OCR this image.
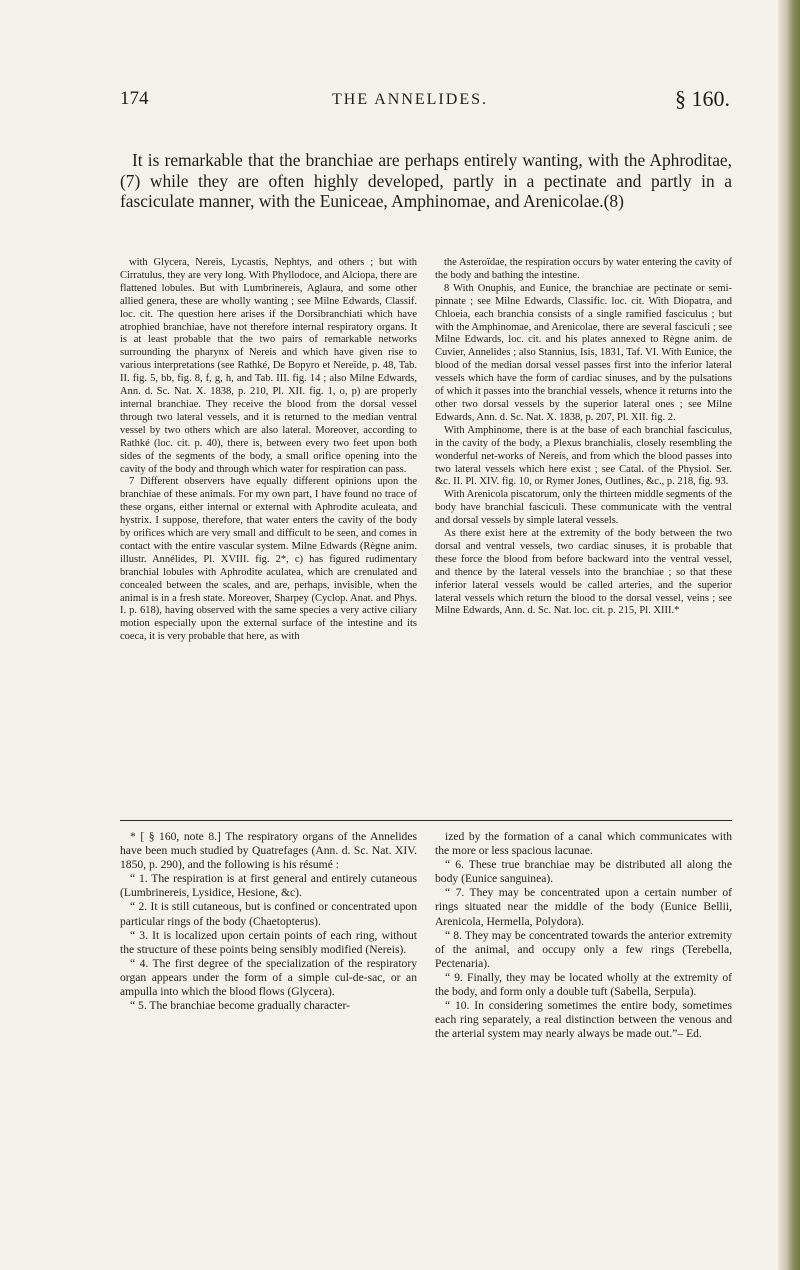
174	THE ANNELIDES.	§ 160.

It is remarkable that the branchiae are perhaps entirely wanting, with the Aphroditae,(7) while they are often highly developed, partly in a pectinate and partly in a fasciculate manner, with the Euniceae, Amphinomae, and Arenicolae.(8)

with Glycera, Nereis, Lycastis, Nephtys, and others ; but with Cirratulus, they are very long. With Phyllodoce, and Alciopa, there are flattened lobules. But with Lumbrinereis, Aglaura, and some other allied genera, these are wholly wanting ; see Milne Edwards, Classif. loc. cit. The question here arises if the Dorsibranchiati which have atrophied branchiae, have not therefore internal respiratory organs. It is at least probable that the two pairs of remarkable networks surrounding the pharynx of Nereis and which have given rise to various interpretations (see Rathké, De Bopyro et Nereïde, p. 48, Tab. II. fig. 5, bb, fig. 8, f, g, h, and Tab. III. fig. 14 ; also Milne Edwards, Ann. d. Sc. Nat. X. 1838, p. 210, Pl. XII. fig. 1, o, p) are properly internal branchiae. They receive the blood from the dorsal vessel through two lateral vessels, and it is returned to the median ventral vessel by two others which are also lateral. Moreover, according to Rathké (loc. cit. p. 40), there is, between every two feet upon both sides of the segments of the body, a small orifice opening into the cavity of the body and through which water for respiration can pass.

7 Different observers have equally different opinions upon the branchiae of these animals. For my own part, I have found no trace of these organs, either internal or external with Aphrodite aculeata, and hystrix. I suppose, therefore, that water enters the cavity of the body by orifices which are very small and difficult to be seen, and comes in contact with the entire vascular system. Milne Edwards (Règne anim. illustr. Annélides, Pl. XVIII. fig. 2*, c) has figured rudimentary branchial lobules with Aphrodite aculatea, which are crenulated and concealed between the scales, and are, perhaps, invisible, when the animal is in a fresh state. Moreover, Sharpey (Cyclop. Anat. and Phys. I. p. 618), having observed with the same species a very active ciliary motion especially upon the external surface of the intestine and its coeca, it is very probable that here, as with

the Asteroïdae, the respiration occurs by water entering the cavity of the body and bathing the intestine.

8 With Onuphis, and Eunice, the branchiae are pectinate or semi-pinnate ; see Milne Edwards, Classific. loc. cit. With Diopatra, and Chloeia, each branchia consists of a single ramified fasciculus ; but with the Amphinomae, and Arenicolae, there are several fasciculi ; see Milne Edwards, loc. cit. and his plates annexed to Règne anim. de Cuvier, Annelides ; also Stannius, Isis, 1831, Taf. VI. With Eunice, the blood of the median dorsal vessel passes first into the inferior lateral vessels which have the form of cardiac sinuses, and by the pulsations of which it passes into the branchial vessels, whence it returns into the other two dorsal vessels by the superior lateral ones ; see Milne Edwards, Ann. d. Sc. Nat. X. 1838, p. 207, Pl. XII. fig. 2.

With Amphinome, there is at the base of each branchial fasciculus, in the cavity of the body, a Plexus branchialis, closely resembling the wonderful net-works of Nereis, and from which the blood passes into two lateral vessels which here exist ; see Catal. of the Physiol. Ser. &c. II. Pl. XIV. fig. 10, or Rymer Jones, Outlines, &c., p. 218, fig. 93.

With Arenicola piscatorum, only the thirteen middle segments of the body have branchial fasciculi. These communicate with the ventral and dorsal vessels by simple lateral vessels.

As there exist here at the extremity of the body between the two dorsal and ventral vessels, two cardiac sinuses, it is probable that these force the blood from before backward into the ventral vessel, and thence by the lateral vessels into the branchiae ; so that these inferior lateral vessels would be called arteries, and the superior lateral vessels which return the blood to the dorsal vessel, veins ; see Milne Edwards, Ann. d. Sc. Nat. loc. cit. p. 215, Pl. XIII.*

* [ § 160, note 8.] The respiratory organs of the Annelides have been much studied by Quatrefages (Ann. d. Sc. Nat. XIV. 1850, p. 290), and the following is his résumé :

“ 1. The respiration is at first general and entirely cutaneous (Lumbrinereis, Lysidice, Hesione, &c).

“ 2. It is still cutaneous, but is confined or concentrated upon particular rings of the body (Chaetopterus).

“ 3. It is localized upon certain points of each ring, without the structure of these points being sensibly modified (Nereis).

“ 4. The first degree of the specialization of the respiratory organ appears under the form of a simple cul-de-sac, or an ampulla into which the blood flows (Glycera).

“ 5. The branchiae become gradually character-

ized by the formation of a canal which communicates with the more or less spacious lacunae.

“ 6. These true branchiae may be distributed all along the body (Eunice sanguinea).

“ 7. They may be concentrated upon a certain number of rings situated near the middle of the body (Eunice Bellii, Arenicola, Hermella, Polydora).

“ 8. They may be concentrated towards the anterior extremity of the animal, and occupy only a few rings (Terebella, Pectenaria).

“ 9. Finally, they may be located wholly at the extremity of the body, and form only a double tuft (Sabella, Serpula).

“ 10. In considering sometimes the entire body, sometimes each ring separately, a real distinction between the venous and the arterial system may nearly always be made out.”– Ed.
